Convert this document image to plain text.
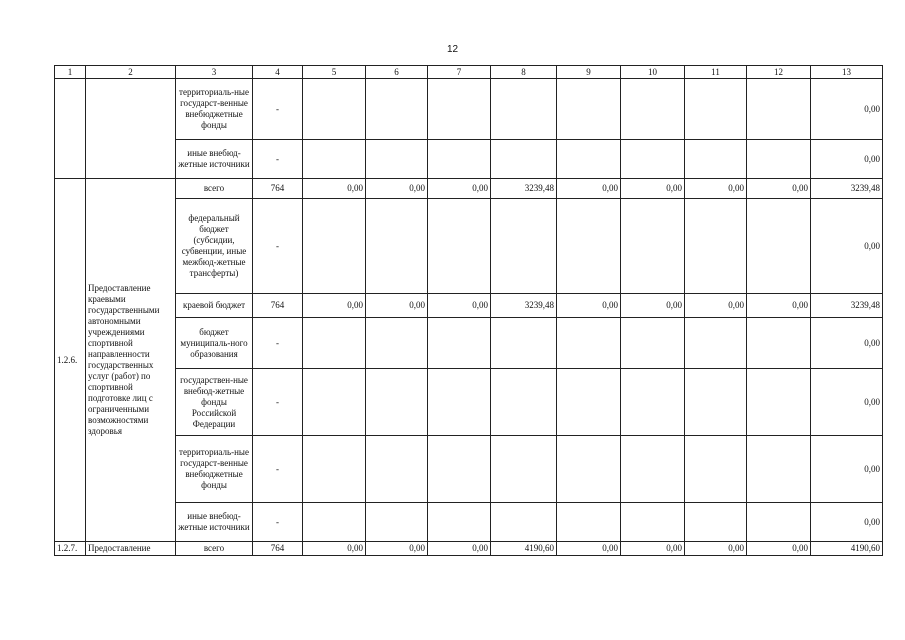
12
1	2	3	4	5	6	7	8	9	10	11	12	13
		территориаль-ные государст-венные внебюджетные фонды	-									0,00
		иные внебюд-жетные источники	-									0,00
1.2.6.	Предоставление краевыми государственными автономными учреждениями спортивной направленности государственных услуг (работ) по спортивной подготовке лиц с ограниченными возможностями здоровья	всего	764	0,00	0,00	0,00	3239,48	0,00	0,00	0,00	0,00	3239,48
		федеральный бюджет (субсидии, субвенции, иные межбюд-жетные трансферты)	-									0,00
		краевой бюджет	764	0,00	0,00	0,00	3239,48	0,00	0,00	0,00	0,00	3239,48
		бюджет муниципаль-ного образования	-									0,00
		государствен-ные внебюд-жетные фонды Российской Федерации	-									0,00
		территориаль-ные государст-венные внебюджетные фонды	-									0,00
		иные внебюд-жетные источники	-									0,00
1.2.7.	Предоставление	всего	764	0,00	0,00	0,00	4190,60	0,00	0,00	0,00	0,00	4190,60
